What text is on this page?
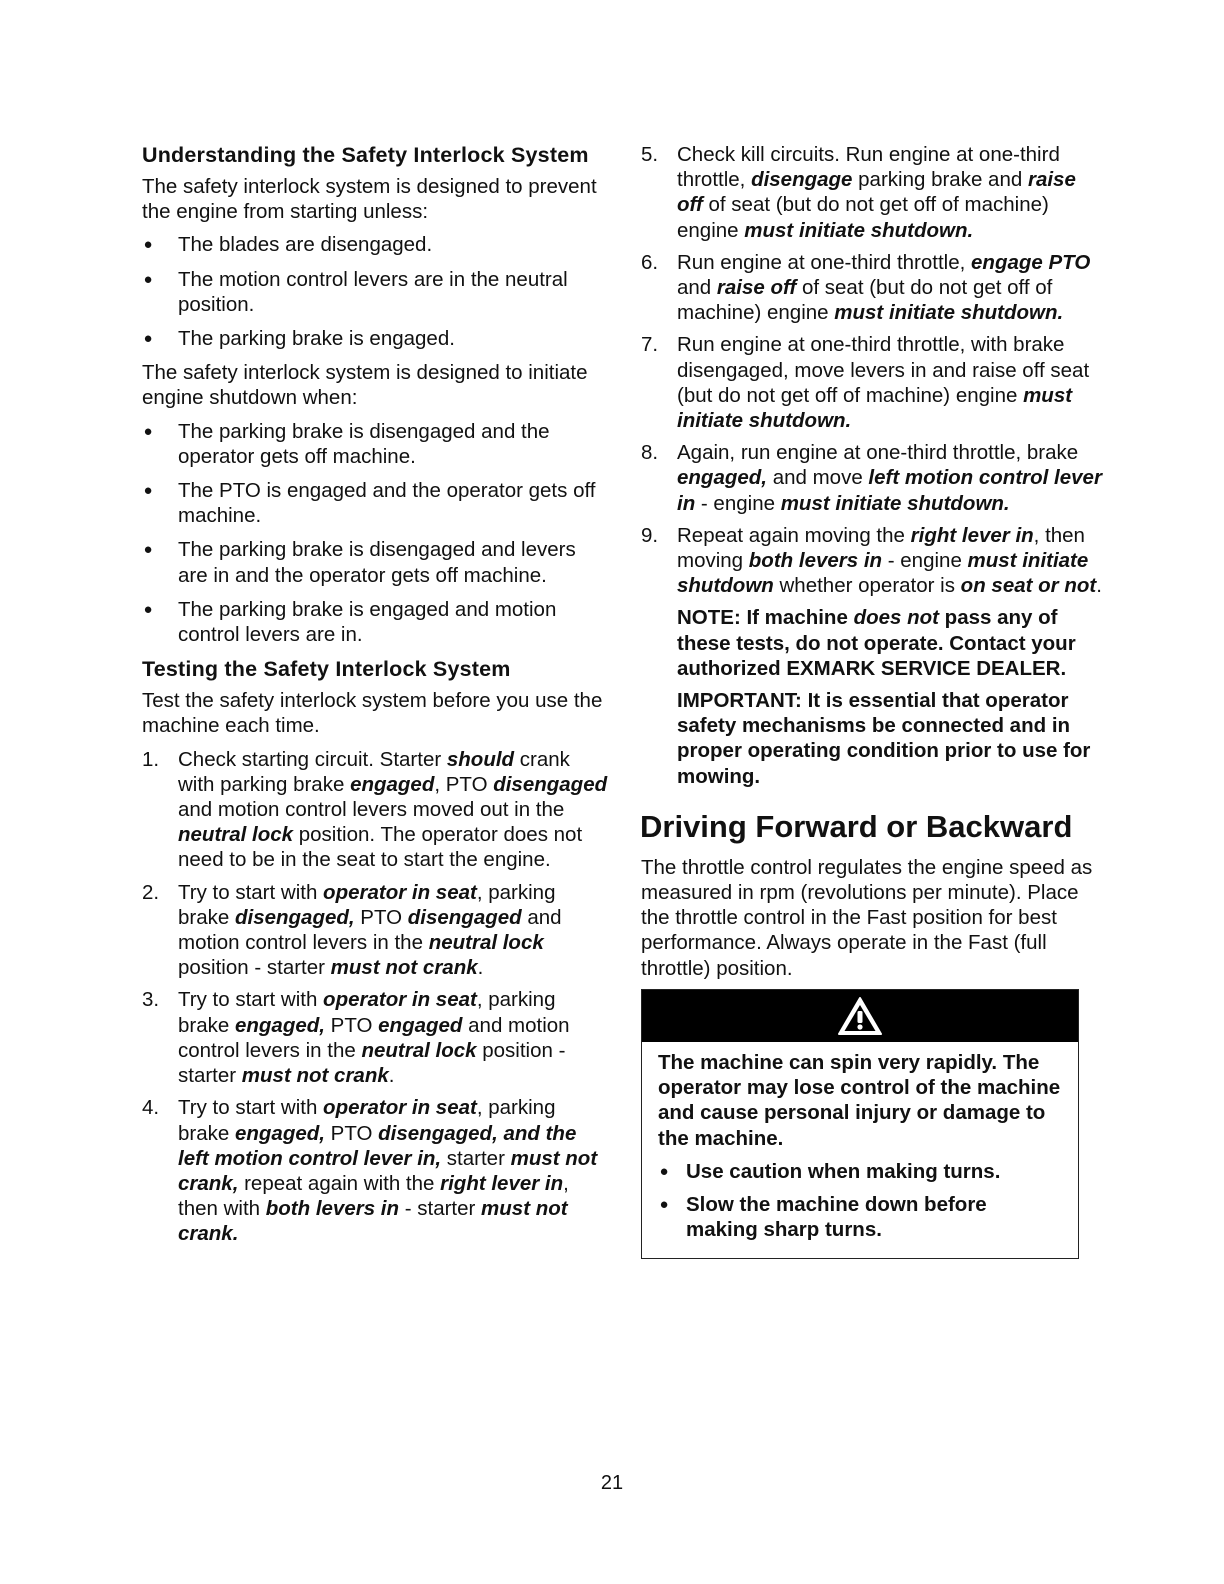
Understanding the Safety Interlock System

The safety interlock system is designed to prevent the engine from starting unless:

● The blades are disengaged.
● The motion control levers are in the neutral position.
● The parking brake is engaged.

The safety interlock system is designed to initiate engine shutdown when:

● The parking brake is disengaged and the operator gets off machine.
● The PTO is engaged and the operator gets off machine.
● The parking brake is disengaged and levers are in and the operator gets off machine.
● The parking brake is engaged and motion control levers are in.
Testing the Safety Interlock System

Test the safety interlock system before you use the machine each time.

1. Check starting circuit. Starter should crank with parking brake engaged, PTO disengaged and motion control levers moved out in the neutral lock position. The operator does not need to be in the seat to start the engine.
2. Try to start with operator in seat, parking brake disengaged, PTO disengaged and motion control levers in the neutral lock position - starter must not crank.
3. Try to start with operator in seat, parking brake engaged, PTO engaged and motion control levers in the neutral lock position - starter must not crank.
4. Try to start with operator in seat, parking brake engaged, PTO disengaged, and the left motion control lever in, starter must not crank, repeat again with the right lever in, then with both levers in - starter must not crank.
5. Check kill circuits. Run engine at one-third throttle, disengage parking brake and raise off of seat (but do not get off of machine) engine must initiate shutdown.
6. Run engine at one-third throttle, engage PTO and raise off of seat (but do not get off of machine) engine must initiate shutdown.
7. Run engine at one-third throttle, with brake disengaged, move levers in and raise off seat (but do not get off of machine) engine must initiate shutdown.
8. Again, run engine at one-third throttle, brake engaged, and move left motion control lever in - engine must initiate shutdown.
9. Repeat again moving the right lever in, then moving both levers in - engine must initiate shutdown whether operator is on seat or not.

NOTE: If machine does not pass any of these tests, do not operate. Contact your authorized EXMARK SERVICE DEALER.

IMPORTANT: It is essential that operator safety mechanisms be connected and in proper operating condition prior to use for mowing.

Driving Forward or Backward

The throttle control regulates the engine speed as measured in rpm (revolutions per minute). Place the throttle control in the Fast position for best performance. Always operate in the Fast (full throttle) position.

The machine can spin very rapidly. The operator may lose control of the machine and cause personal injury or damage to the machine.

● Use caution when making turns.
● Slow the machine down before making sharp turns.
21
